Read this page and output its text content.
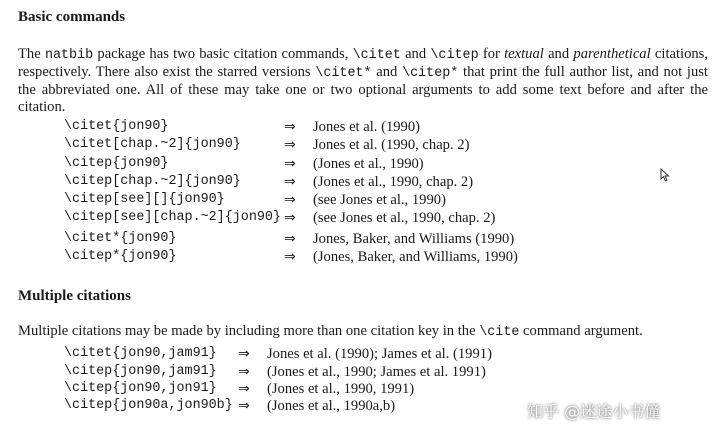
Basic commands
The natbib package has two basic citation commands, \citet and \citep for textual and parenthetical citations, respectively. There also exist the starred versions \citet* and \citep* that print the full author list, and not just the abbreviated one. All of these may take one or two optional arguments to add some text before and after the citation.
\citet{jon90}	⇒ Jones et al. (1990)
\citet[chap.~2]{jon90}	⇒ Jones et al. (1990, chap. 2)
\citep{jon90}	⇒ (Jones et al., 1990)
\citep[chap.~2]{jon90}	⇒ (Jones et al., 1990, chap. 2)
\citep[see][]{jon90}	⇒ (see Jones et al., 1990)
\citep[see][chap.~2]{jon90} ⇒ (see Jones et al., 1990, chap. 2)
\citet*{jon90}	⇒ Jones, Baker, and Williams (1990)
\citep*{jon90}	⇒ (Jones, Baker, and Williams, 1990)
Multiple citations
Multiple citations may be made by including more than one citation key in the \cite command argument.
\citet{jon90,jam91} ⇒ Jones et al. (1990); James et al. (1991)
\citep{jon90,jam91} ⇒ (Jones et al., 1990; James et al. 1991)
\citep{jon90,jon91} ⇒ (Jones et al., 1990, 1991)
\citep{jon90a,jon90b} ⇒ (Jones et al., 1990a,b)	知乎 @迷途小书僮
